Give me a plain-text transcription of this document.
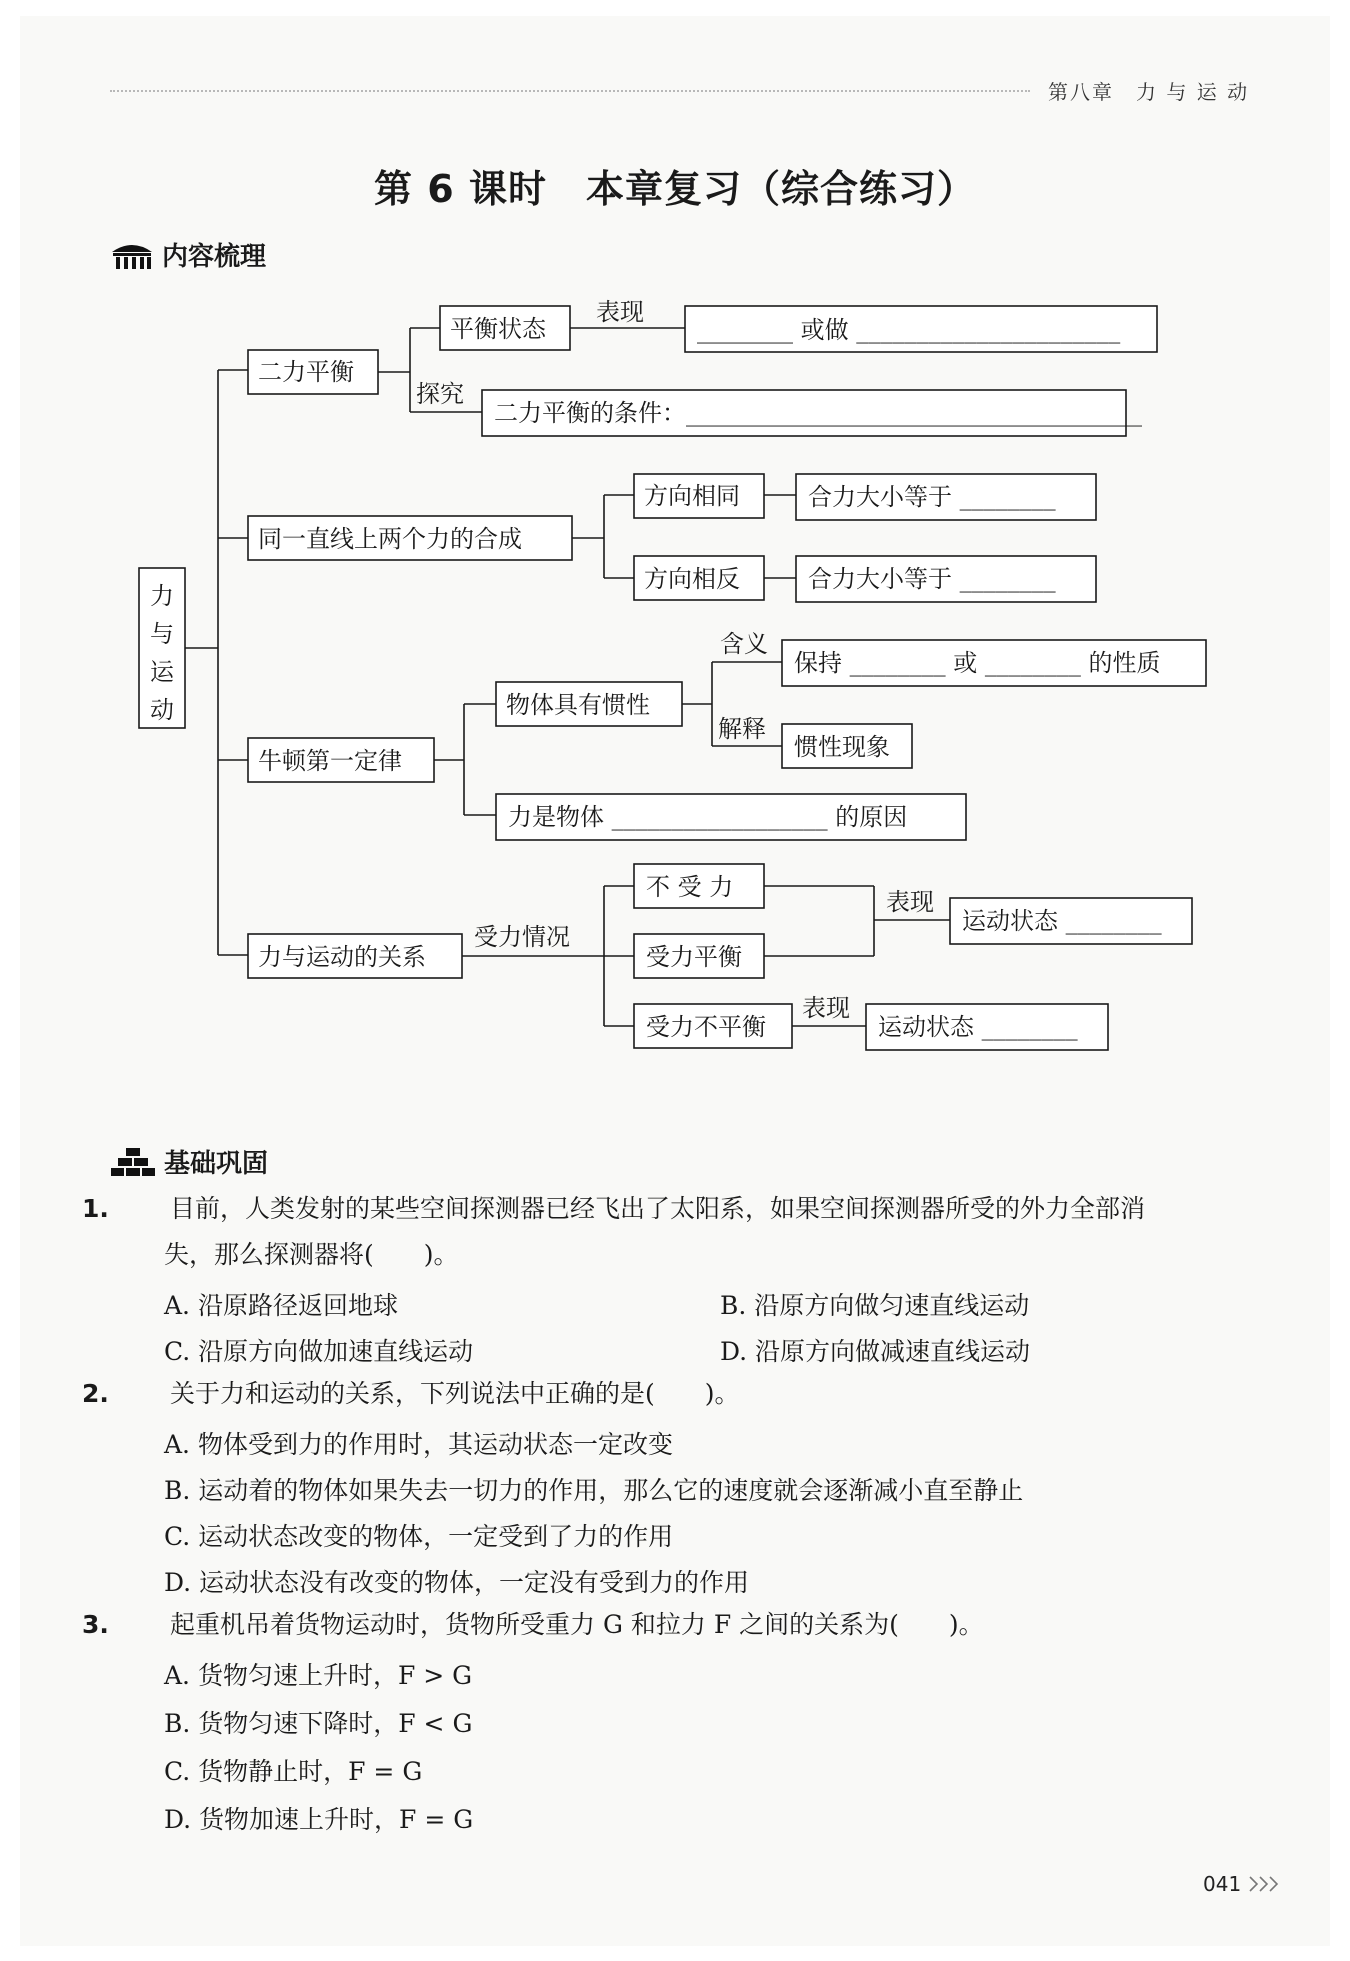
第八章　力 与 运 动
第 6 课时　本章复习（综合练习）
内容梳理
力
与
运
动
二力平衡
平衡状态
表现
________ 或做 ______________________
探究
二力平衡的条件：______________________________________
同一直线上两个力的合成
方向相同
方向相反
合力大小等于 ________
合力大小等于 ________
牛顿第一定律
物体具有惯性
含义
保持 ________ 或 ________ 的性质
解释
惯性现象
力是物体 __________________ 的原因
力与运动的关系
受力情况
不 受 力
受力平衡
受力不平衡
表现
运动状态 ________
表现
运动状态 ________
基础巩固
1. 目前，人类发射的某些空间探测器已经飞出了太阳系，如果空间探测器所受的外力全部消
失，那么探测器将(　　)。
A. 沿原路径返回地球	B. 沿原方向做匀速直线运动
C. 沿原方向做加速直线运动	D. 沿原方向做减速直线运动
2. 关于力和运动的关系，下列说法中正确的是(　　)。
A. 物体受到力的作用时，其运动状态一定改变
B. 运动着的物体如果失去一切力的作用，那么它的速度就会逐渐减小直至静止
C. 运动状态改变的物体，一定受到了力的作用
D. 运动状态没有改变的物体，一定没有受到力的作用
3. 起重机吊着货物运动时，货物所受重力 G 和拉力 F 之间的关系为(　　)。
A. 货物匀速上升时，F > G
B. 货物匀速下降时，F < G
C. 货物静止时，F = G
D. 货物加速上升时，F = G
041
